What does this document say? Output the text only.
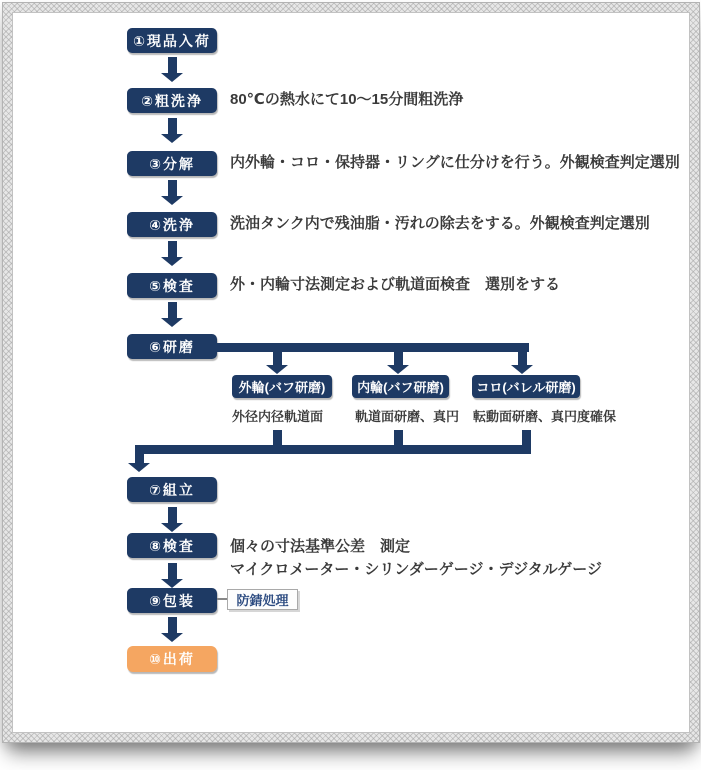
①現品入荷
②粗洗浄 80℃の熱水にて10〜15分間粗洗浄
③分解 内外輪・コロ・保持器・リングに仕分けを行う。外観検査判定選別
④洗浄 洗油タンク内で残油脂・汚れの除去をする。外観検査判定選別
⑤検査 外・内輪寸法測定および軌道面検査　選別をする
⑥研磨
外輪(バフ研磨) 内輪(バフ研磨)	コロ(バレル研磨)
外径内径軌道面 軌道面研磨、真円 転動面研磨、真円度確保
⑦組立
⑧検査 個々の寸法基準公差　測定
マイクロメーター・シリンダーゲージ・デジタルゲージ
⑨包装	防錆処理
⑩出荷
